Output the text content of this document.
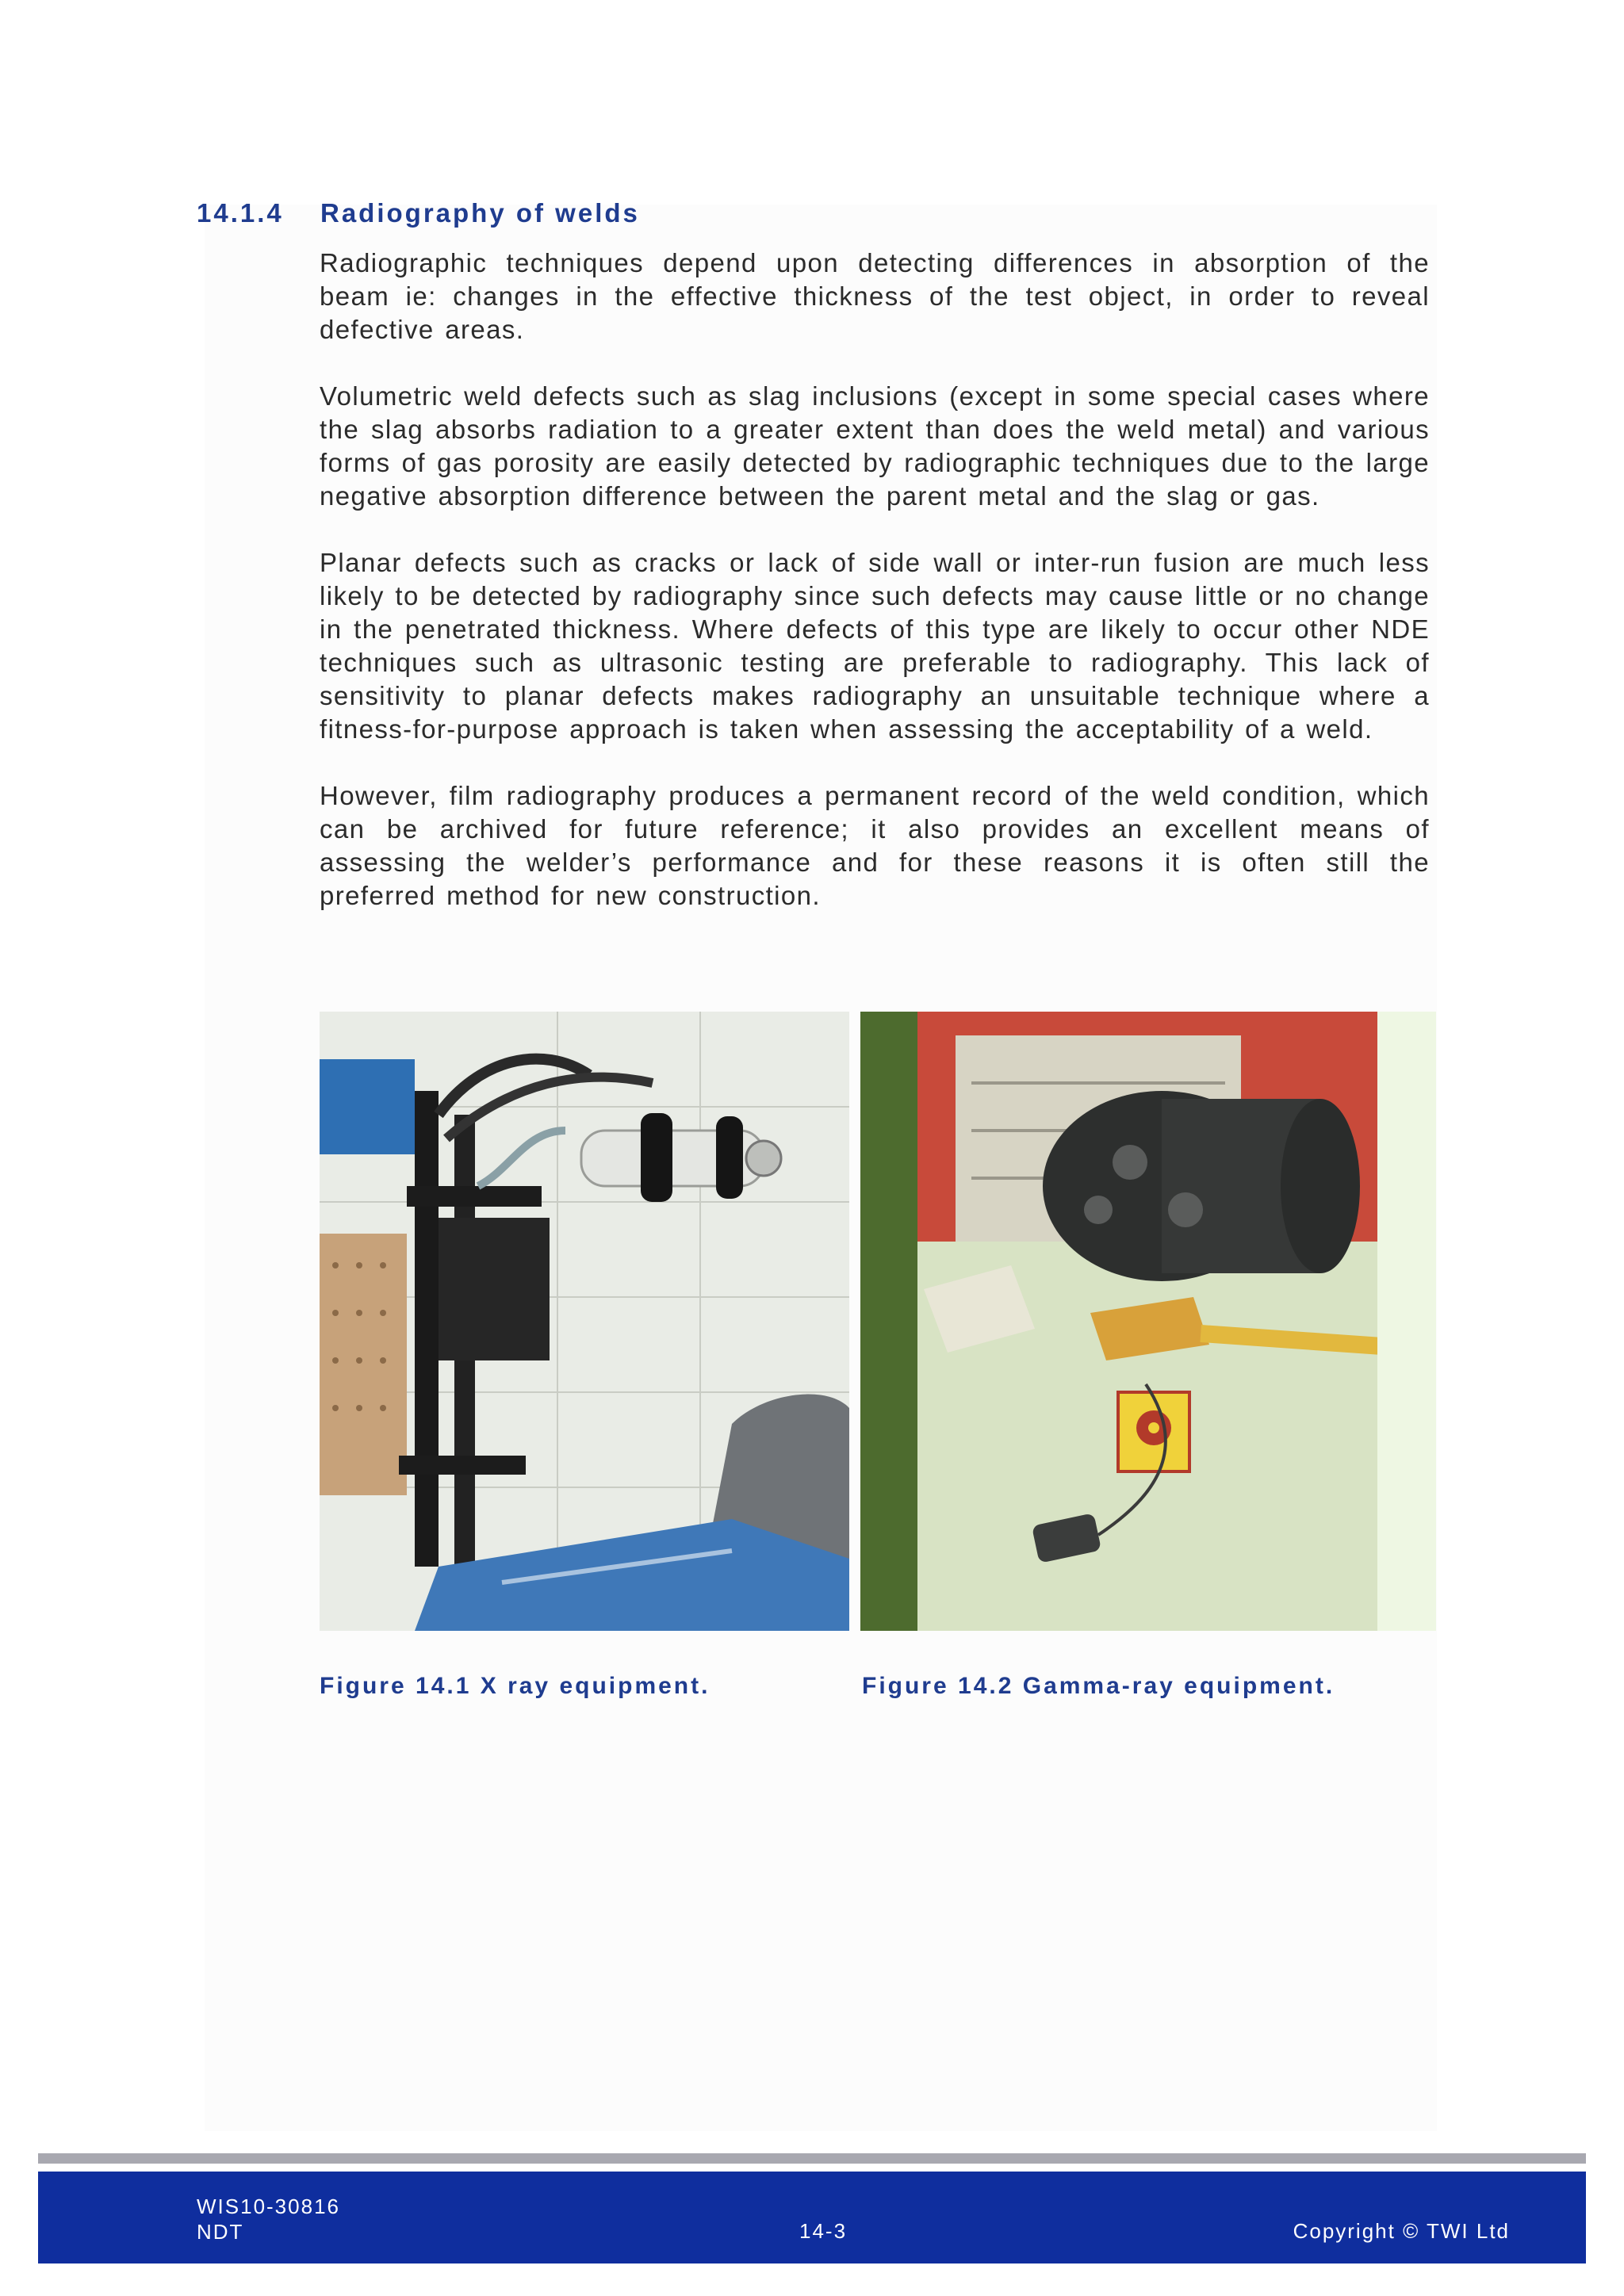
14.1.4 Radiography of welds

Radiographic techniques depend upon detecting differences in absorption of the beam ie: changes in the effective thickness of the test object, in order to reveal defective areas.

Volumetric weld defects such as slag inclusions (except in some special cases where the slag absorbs radiation to a greater extent than does the weld metal) and various forms of gas porosity are easily detected by radiographic techniques due to the large negative absorption difference between the parent metal and the slag or gas.

Planar defects such as cracks or lack of side wall or inter-run fusion are much less likely to be detected by radiography since such defects may cause little or no change in the penetrated thickness. Where defects of this type are likely to occur other NDE techniques such as ultrasonic testing are preferable to radiography. This lack of sensitivity to planar defects makes radiography an unsuitable technique where a fitness-for-purpose approach is taken when assessing the acceptability of a weld.

However, film radiography produces a permanent record of the weld condition, which can be archived for future reference; it also provides an excellent means of assessing the welder’s performance and for these reasons it is often still the preferred method for new construction.

Figure 14.1 X ray equipment.	Figure 14.2 Gamma-ray equipment.
WIS10-30816
NDT	14-3	Copyright © TWI Ltd
